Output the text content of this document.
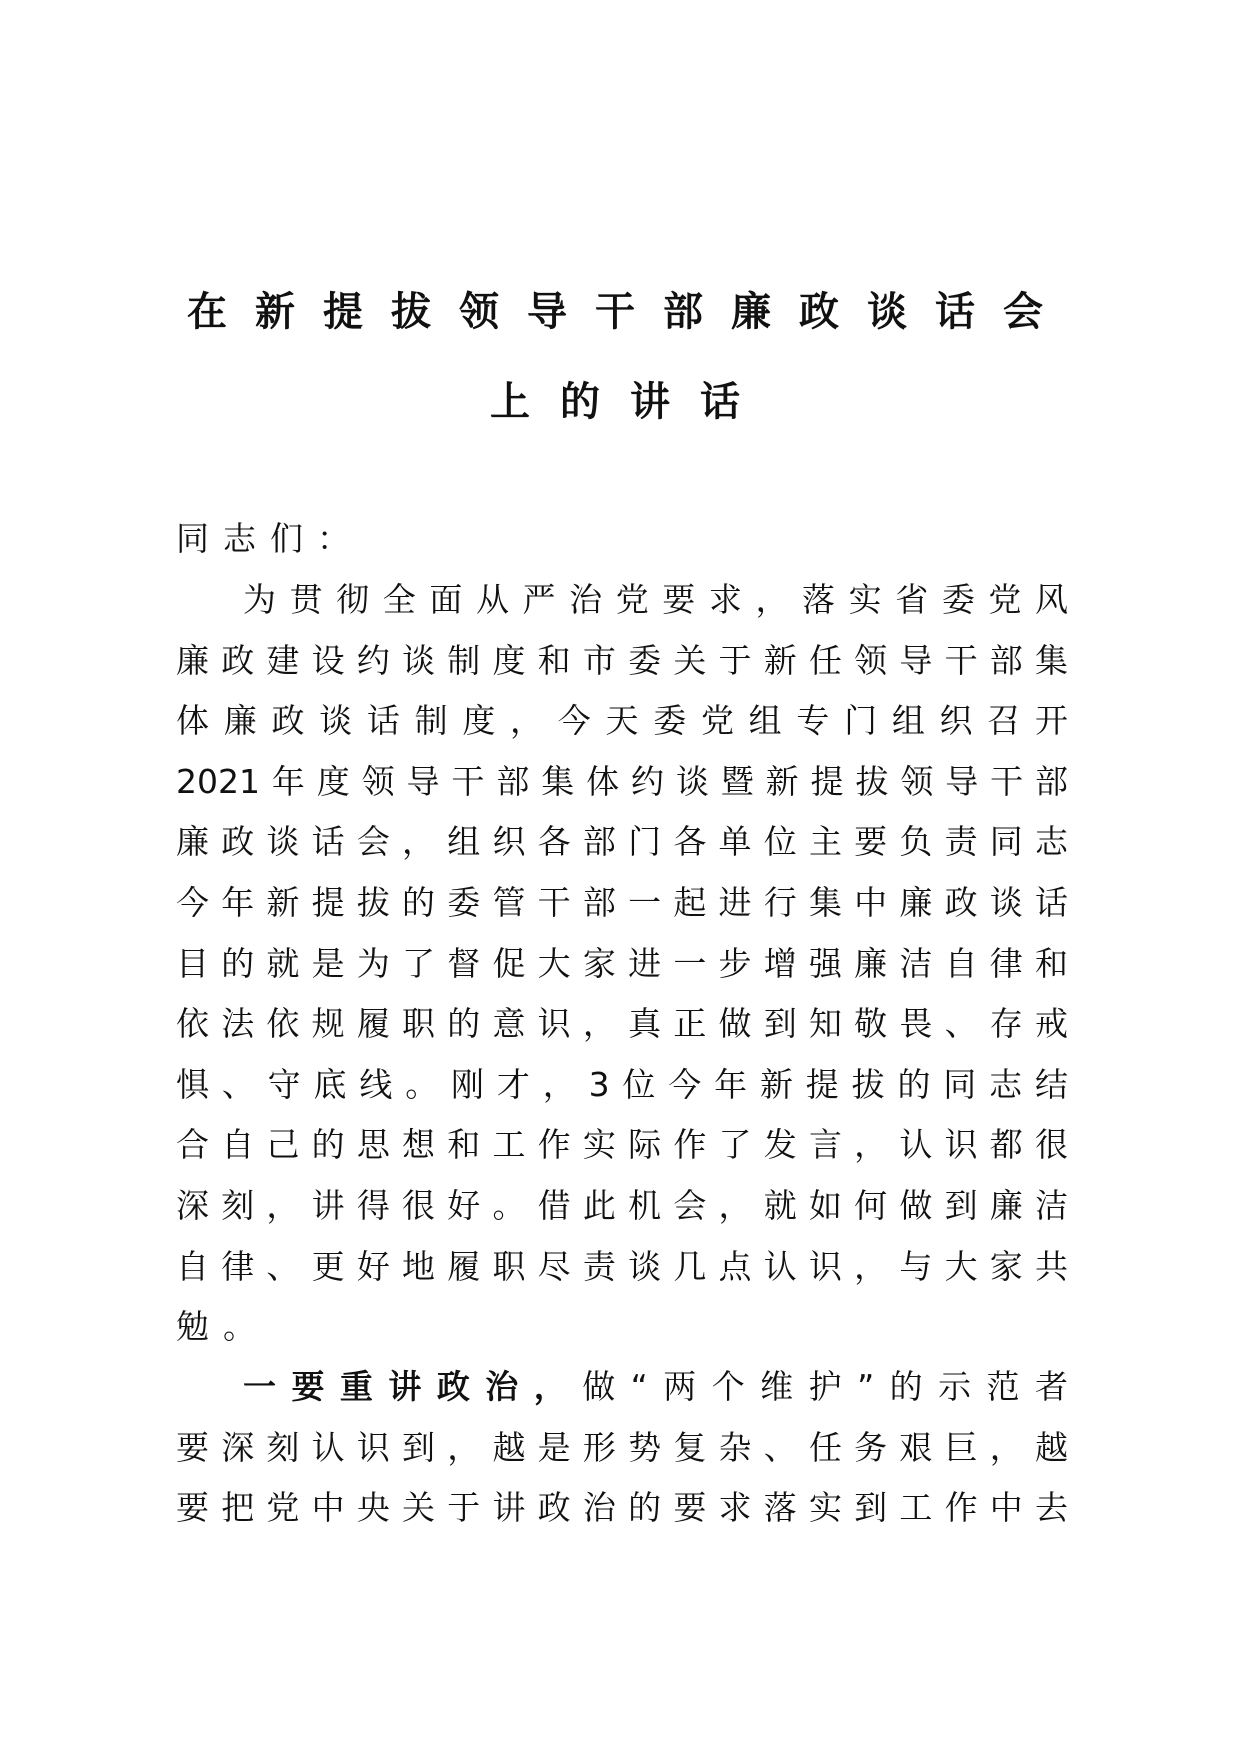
在新提拔领导干部廉政谈话会
上的讲话
同志们：
为贯彻全面从严治党要求，落实省委党风
廉政建设约谈制度和市委关于新任领导干部集
体廉政谈话制度，今天委党组专门组织召开
2021年度领导干部集体约谈暨新提拔领导干部
廉政谈话会，组织各部门各单位主要负责同志
今年新提拔的委管干部一起进行集中廉政谈话
目的就是为了督促大家进一步增强廉洁自律和
依法依规履职的意识，真正做到知敬畏、存戒
惧、守底线。刚才，3位今年新提拔的同志结
合自己的思想和工作实际作了发言，认识都很
深刻，讲得很好。借此机会，就如何做到廉洁
自律、更好地履职尽责谈几点认识，与大家共
勉。
一要重讲政治，做“两个维护”的示范者
要深刻认识到，越是形势复杂、任务艰巨，越
要把党中央关于讲政治的要求落实到工作中去
